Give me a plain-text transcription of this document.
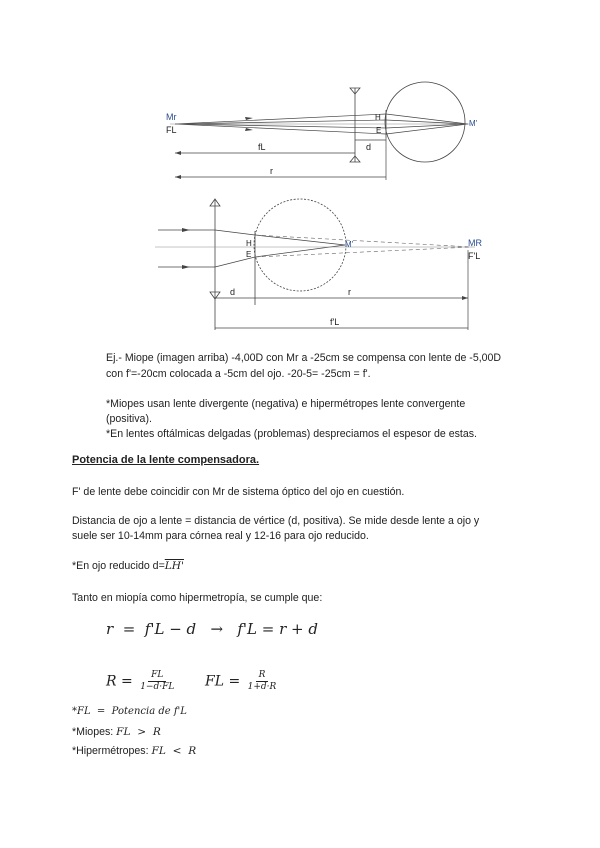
Mr
FL
fL
H
E
d
r
M'
H
E
M'	MR
F'L
d	r
f'L
Ej.- Miope (imagen arriba) -4,00D con Mr a -25cm se compensa con lente de -5,00D
con f'=-20cm colocada a -5cm del ojo. -20-5= -25cm = f'.
*Miopes usan lente divergente (negativa) e hipermétropes lente convergente
(positiva).
*En lentes oftálmicas delgadas (problemas) despreciamos el espesor de estas.
Potencia de la lente compensadora.
F' de lente debe coincidir con Mr de sistema óptico del ojo en cuestión.
Distancia de ojo a lente = distancia de vértice (d, positiva). Se mide desde lente a ojo y
suele ser 10-14mm para córnea real y 12-16 para ojo reducido.
*En ojo reducido d=LH'
Tanto en miopía como hipermetropía, se cumple que:
r  =  f'L − d   →   f'L = r + d
$R = \frac{FL}{1-d\cdot FL}$ FL = $\frac{R}{1+d\cdot R}$
*FL  =  Potencia de f'L
*Miopes: FL  >  R
*Hipermétropes: FL  <  R
